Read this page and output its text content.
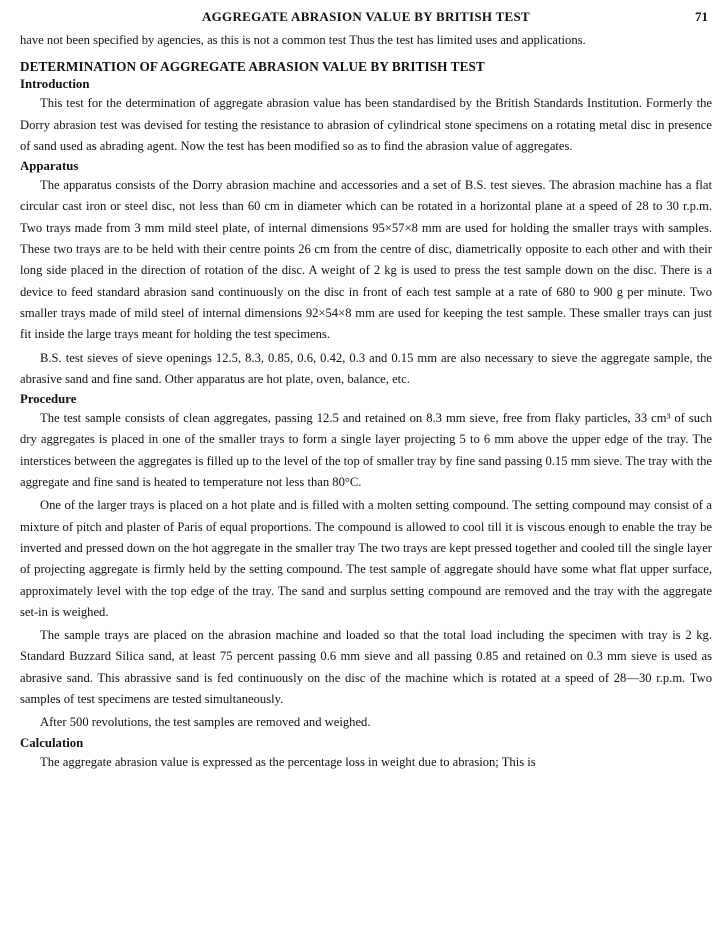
AGGREGATE ABRASION VALUE BY BRITISH TEST	71

have not been specified by agencies, as this is not a common test Thus the test has limited uses and applications.

DETERMINATION OF AGGREGATE ABRASION VALUE BY BRITISH TEST
Introduction

This test for the determination of aggregate abrasion value has been standardised by the British Standards Institution. Formerly the Dorry abrasion test was devised for testing the resistance to abrasion of cylindrical stone specimens on a rotating metal disc in presence of sand used as abrading agent. Now the test has been modified so as to find the abrasion value of aggregates.

Apparatus

The apparatus consists of the Dorry abrasion machine and accessories and a set of B.S. test sieves. The abrasion machine has a flat circular cast iron or steel disc, not less than 60 cm in diameter which can be rotated in a horizontal plane at a speed of 28 to 30 r.p.m. Two trays made from 3 mm mild steel plate, of internal dimensions 95×57×8 mm are used for holding the smaller trays with samples. These two trays are to be held with their centre points 26 cm from the centre of disc, diametrically opposite to each other and with their long side placed in the direction of rotation of the disc. A weight of 2 kg is used to press the test sample down on the disc. There is a device to feed standard abrasion sand continuously on the disc in front of each test sample at a rate of 680 to 900 g per minute. Two smaller trays made of mild steel of internal dimensions 92×54×8 mm are used for keeping the test sample. These smaller trays can just fit inside the large trays meant for holding the test specimens.

B.S. test sieves of sieve openings 12.5, 8.3, 0.85, 0.6, 0.42, 0.3 and 0.15 mm are also necessary to sieve the aggregate sample, the abrasive sand and fine sand. Other apparatus are hot plate, oven, balance, etc.

Procedure

The test sample consists of clean aggregates, passing 12.5 and retained on 8.3 mm sieve, free from flaky particles, 33 cm³ of such dry aggregates is placed in one of the smaller trays to form a single layer projecting 5 to 6 mm above the upper edge of the tray. The interstices between the aggregates is filled up to the level of the top of smaller tray by fine sand passing 0.15 mm sieve. The tray with the aggregate and fine sand is heated to temperature not less than 80°C.

One of the larger trays is placed on a hot plate and is filled with a molten setting compound. The setting compound may consist of a mixture of pitch and plaster of Paris of equal proportions. The compound is allowed to cool till it is viscous enough to enable the tray be inverted and pressed down on the hot aggregate in the smaller tray The two trays are kept pressed together and cooled till the single layer of projecting aggregate is firmly held by the setting compound. The test sample of aggregate should have some what flat upper surface, approximately level with the top edge of the tray. The sand and surplus setting compound are removed and the tray with the aggregate set-in is weighed.

The sample trays are placed on the abrasion machine and loaded so that the total load including the specimen with tray is 2 kg. Standard Buzzard Silica sand, at least 75 percent passing 0.6 mm sieve and all passing 0.85 and retained on 0.3 mm sieve is used as abrasive sand. This abrassive sand is fed continuously on the disc of the machine which is rotated at a speed of 28—30 r.p.m. Two samples of test specimens are tested simultaneously.

After 500 revolutions, the test samples are removed and weighed.

Calculation

The aggregate abrasion value is expressed as the percentage loss in weight due to abrasion; This is
